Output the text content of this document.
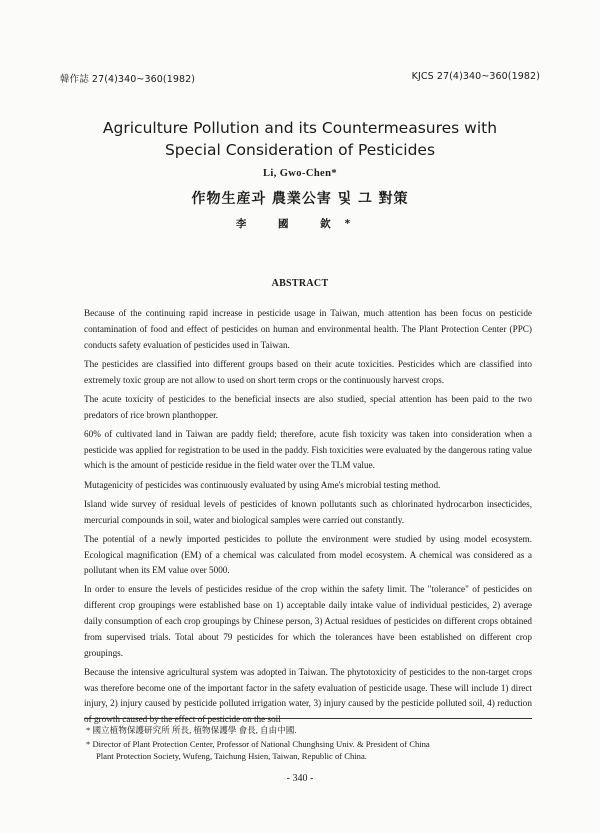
韓作誌 27(4)340~360(1982)	KJCS 27(4)340~360(1982)
Agriculture Pollution and its Countermeasures with
Special Consideration of Pesticides
Li, Gwo-Chen*
作物生産과 農業公害 및 그 對策
李 國 欽*
ABSTRACT

Because of the continuing rapid increase in pesticide usage in Taiwan, much attention has been focus on pesticide contamination of food and effect of pesticides on human and environmental health. The Plant Protection Center (PPC) conducts safety evaluation of pesticides used in Taiwan.

The pesticides are classified into different groups based on their acute toxicities. Pesticides which are classified into extremely toxic group are not allow to used on short term crops or the continuously harvest crops.

The acute toxicity of pesticides to the beneficial insects are also studied, special attention has been paid to the two predators of rice brown planthopper.

60% of cultivated land in Taiwan are paddy field; therefore, acute fish toxicity was taken into consideration when a pesticide was applied for registration to be used in the paddy. Fish toxicities were evaluated by the dangerous rating value which is the amount of pesticide residue in the field water over the TLM value.

Mutagenicity of pesticides was continuously evaluated by using Ame's microbial testing method.

Island wide survey of residual levels of pesticides of known pollutants such as chlorinated hydrocarbon insecticides, mercurial compounds in soil, water and biological samples were carried out constantly.

The potential of a newly imported pesticides to pollute the environment were studied by using model ecosystem. Ecological magnification (EM) of a chemical was calculated from model ecosystem. A chemical was considered as a pollutant when its EM value over 5000.

In order to ensure the levels of pesticides residue of the crop within the safety limit. The "tolerance" of pesticides on different crop groupings were established base on 1) acceptable daily intake value of individual pesticides, 2) average daily consumption of each crop groupings by Chinese person, 3) Actual residues of pesticides on different crops obtained from supervised trials. Total about 79 pesticides for which the tolerances have been established on different crop groupings.

Because the intensive agricultural system was adopted in Taiwan. The phytotoxicity of pesticides to the non-target crops was therefore become one of the important factor in the safety evaluation of pesticide usage. These will include 1) direct injury, 2) injury caused by pesticide polluted irrigation water, 3) injury caused by the pesticide polluted soil, 4) reduction of growth caused by the effect of pesticide on the soil

* 國立植物保護研究所 所長, 植物保護學 會長, 自由中國.
* Director of Plant Protection Center, Professor of National Chunghsing Univ. & President of China
Plant Protection Society, Wufeng, Taichung Hsien, Taiwan, Republic of China.
- 340 -
